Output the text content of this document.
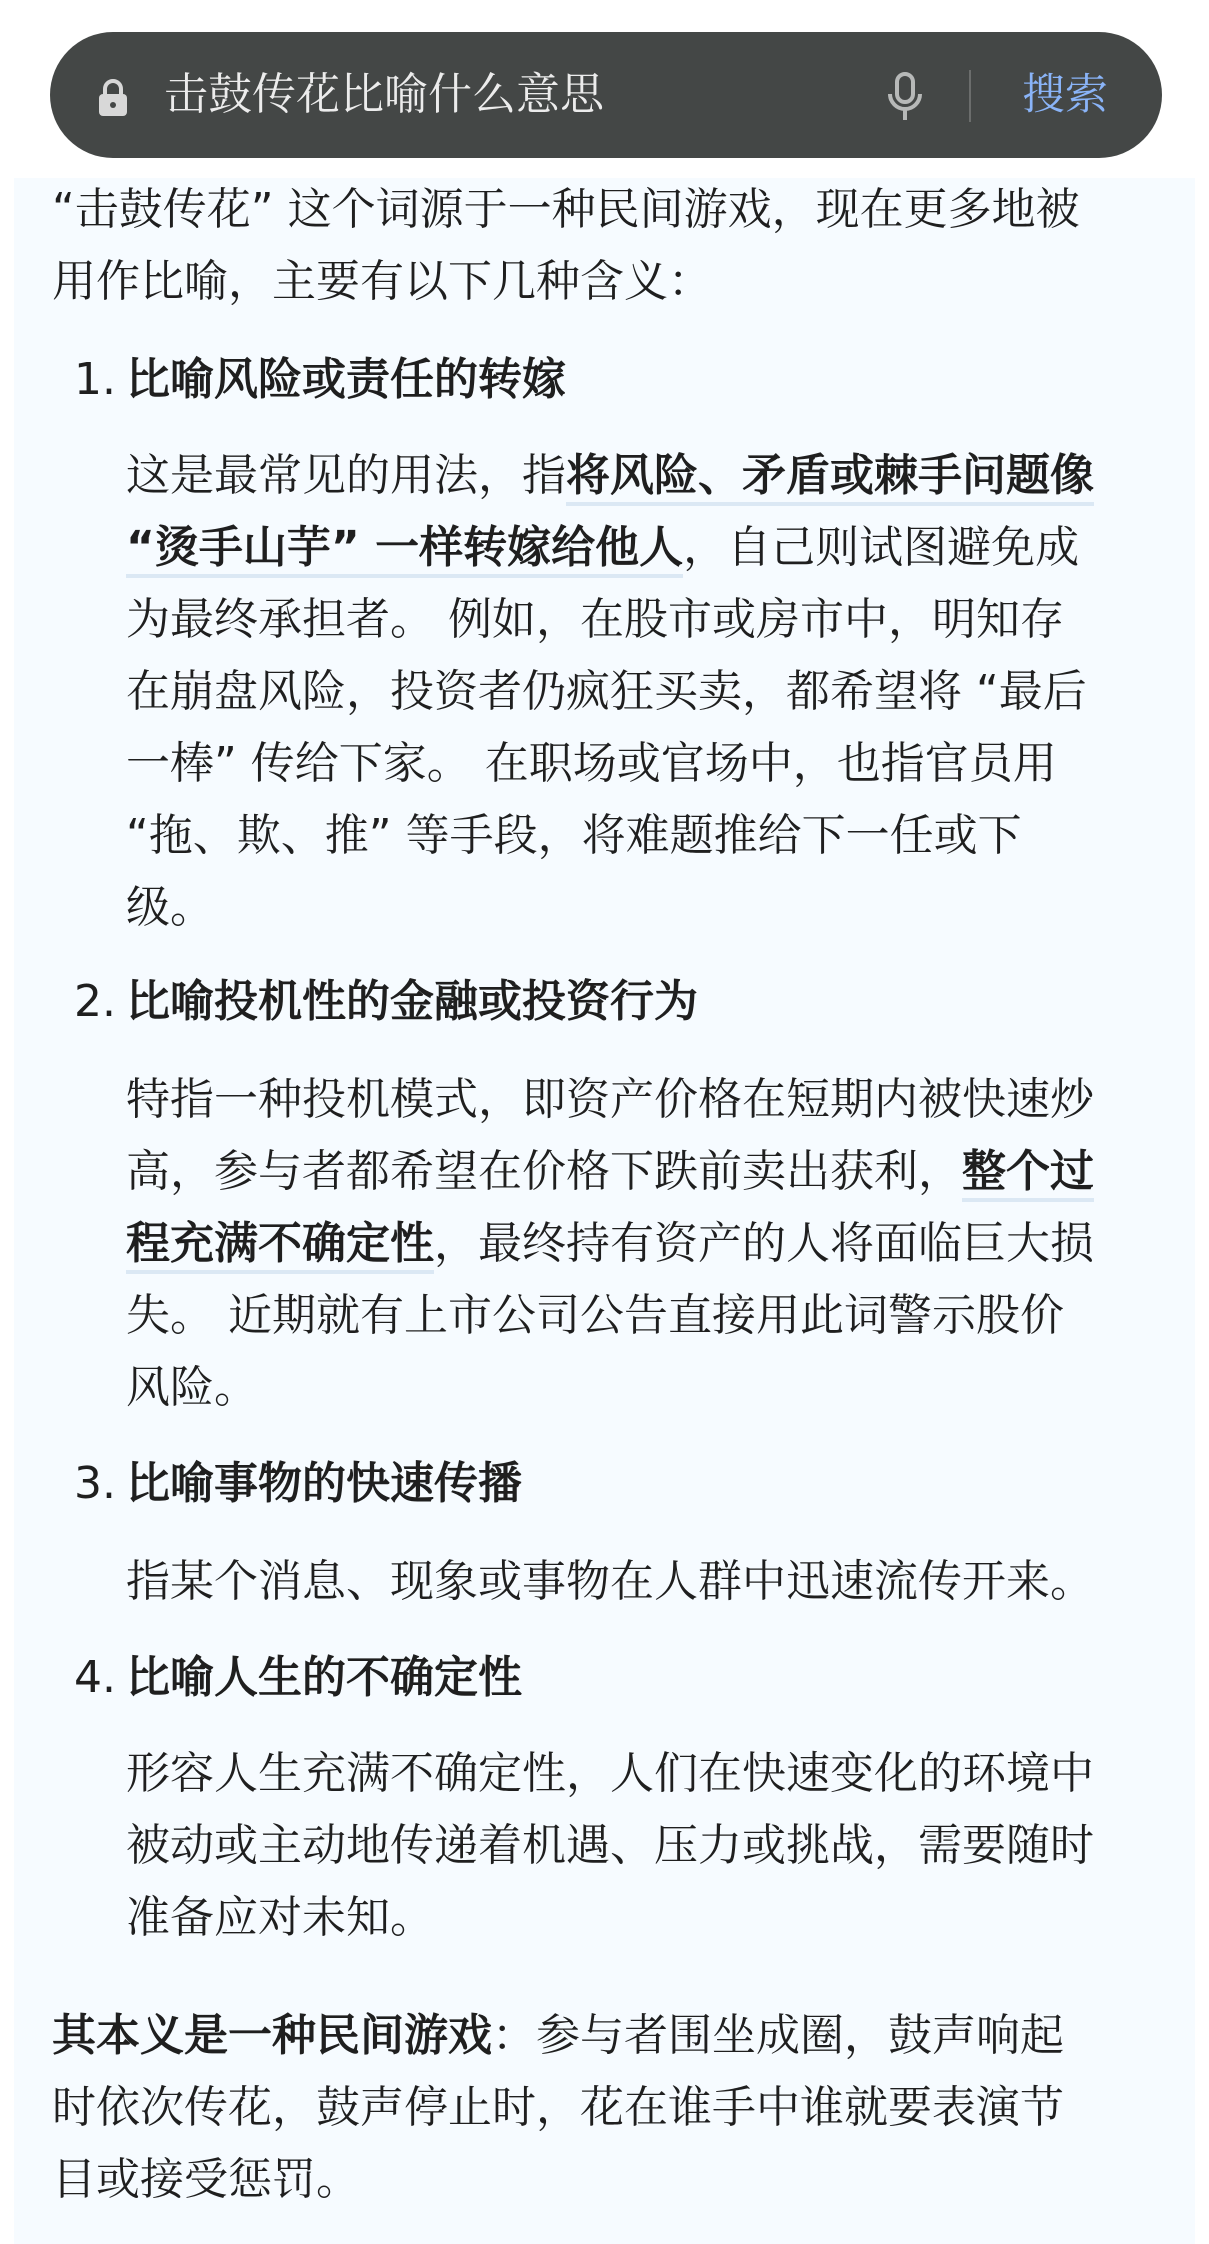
击鼓传花比喻什么意思	搜索

“击鼓传花” 这个词源于一种民间游戏，现在更多地被

用作比喻，主要有以下几种含义：

1. 比喻风险或责任的转嫁

这是最常见的用法，指将风险、矛盾或棘手问题像

“烫手山芋” 一样转嫁给他人，自己则试图避免成

为最终承担者。 例如，在股市或房市中，明知存

在崩盘风险，投资者仍疯狂买卖，都希望将 “最后

一棒” 传给下家。 在职场或官场中，也指官员用

“拖、欺、推” 等手段，将难题推给下一任或下

级。

2. 比喻投机性的金融或投资行为

特指一种投机模式，即资产价格在短期内被快速炒

高，参与者都希望在价格下跌前卖出获利，整个过

程充满不确定性，最终持有资产的人将面临巨大损

失。 近期就有上市公司公告直接用此词警示股价

风险。

3. 比喻事物的快速传播

指某个消息、现象或事物在人群中迅速流传开来。

4. 比喻人生的不确定性

形容人生充满不确定性，人们在快速变化的环境中

被动或主动地传递着机遇、压力或挑战，需要随时

准备应对未知。

其本义是一种民间游戏：参与者围坐成圈，鼓声响起

时依次传花，鼓声停止时，花在谁手中谁就要表演节

目或接受惩罚。
